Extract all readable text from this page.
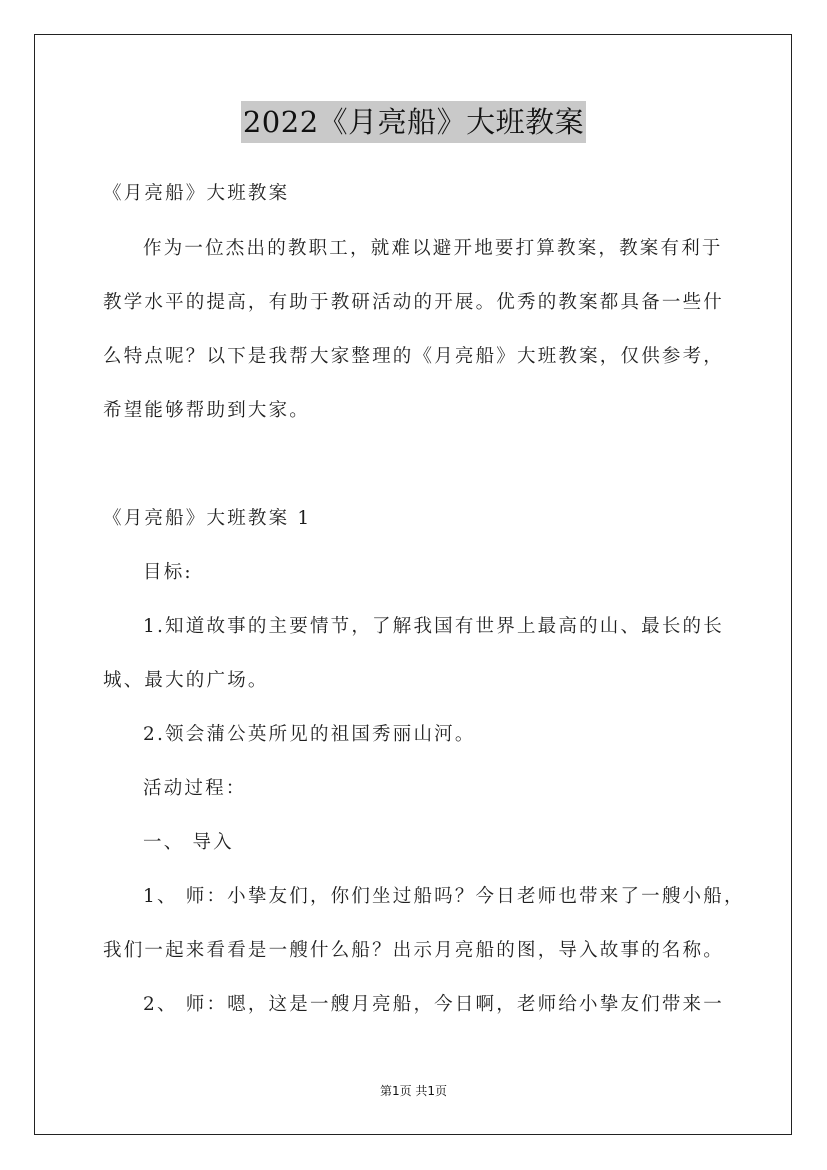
2022《月亮船》大班教案
《月亮船》大班教案
作为一位杰出的教职工，就难以避开地要打算教案，教案有利于
教学水平的提高，有助于教研活动的开展。优秀的教案都具备一些什
么特点呢？以下是我帮大家整理的《月亮船》大班教案，仅供参考，
希望能够帮助到大家。
《月亮船》大班教案 1
目标:
1.知道故事的主要情节，了解我国有世界上最高的山、最长的长
城、最大的广场。
2.领会蒲公英所见的祖国秀丽山河。
活动过程：
一、 导入
1、 师：小挚友们，你们坐过船吗？今日老师也带来了一艘小船，
我们一起来看看是一艘什么船？出示月亮船的图，导入故事的名称。
2、 师：嗯，这是一艘月亮船，今日啊，老师给小挚友们带来一
第1页 共1页
